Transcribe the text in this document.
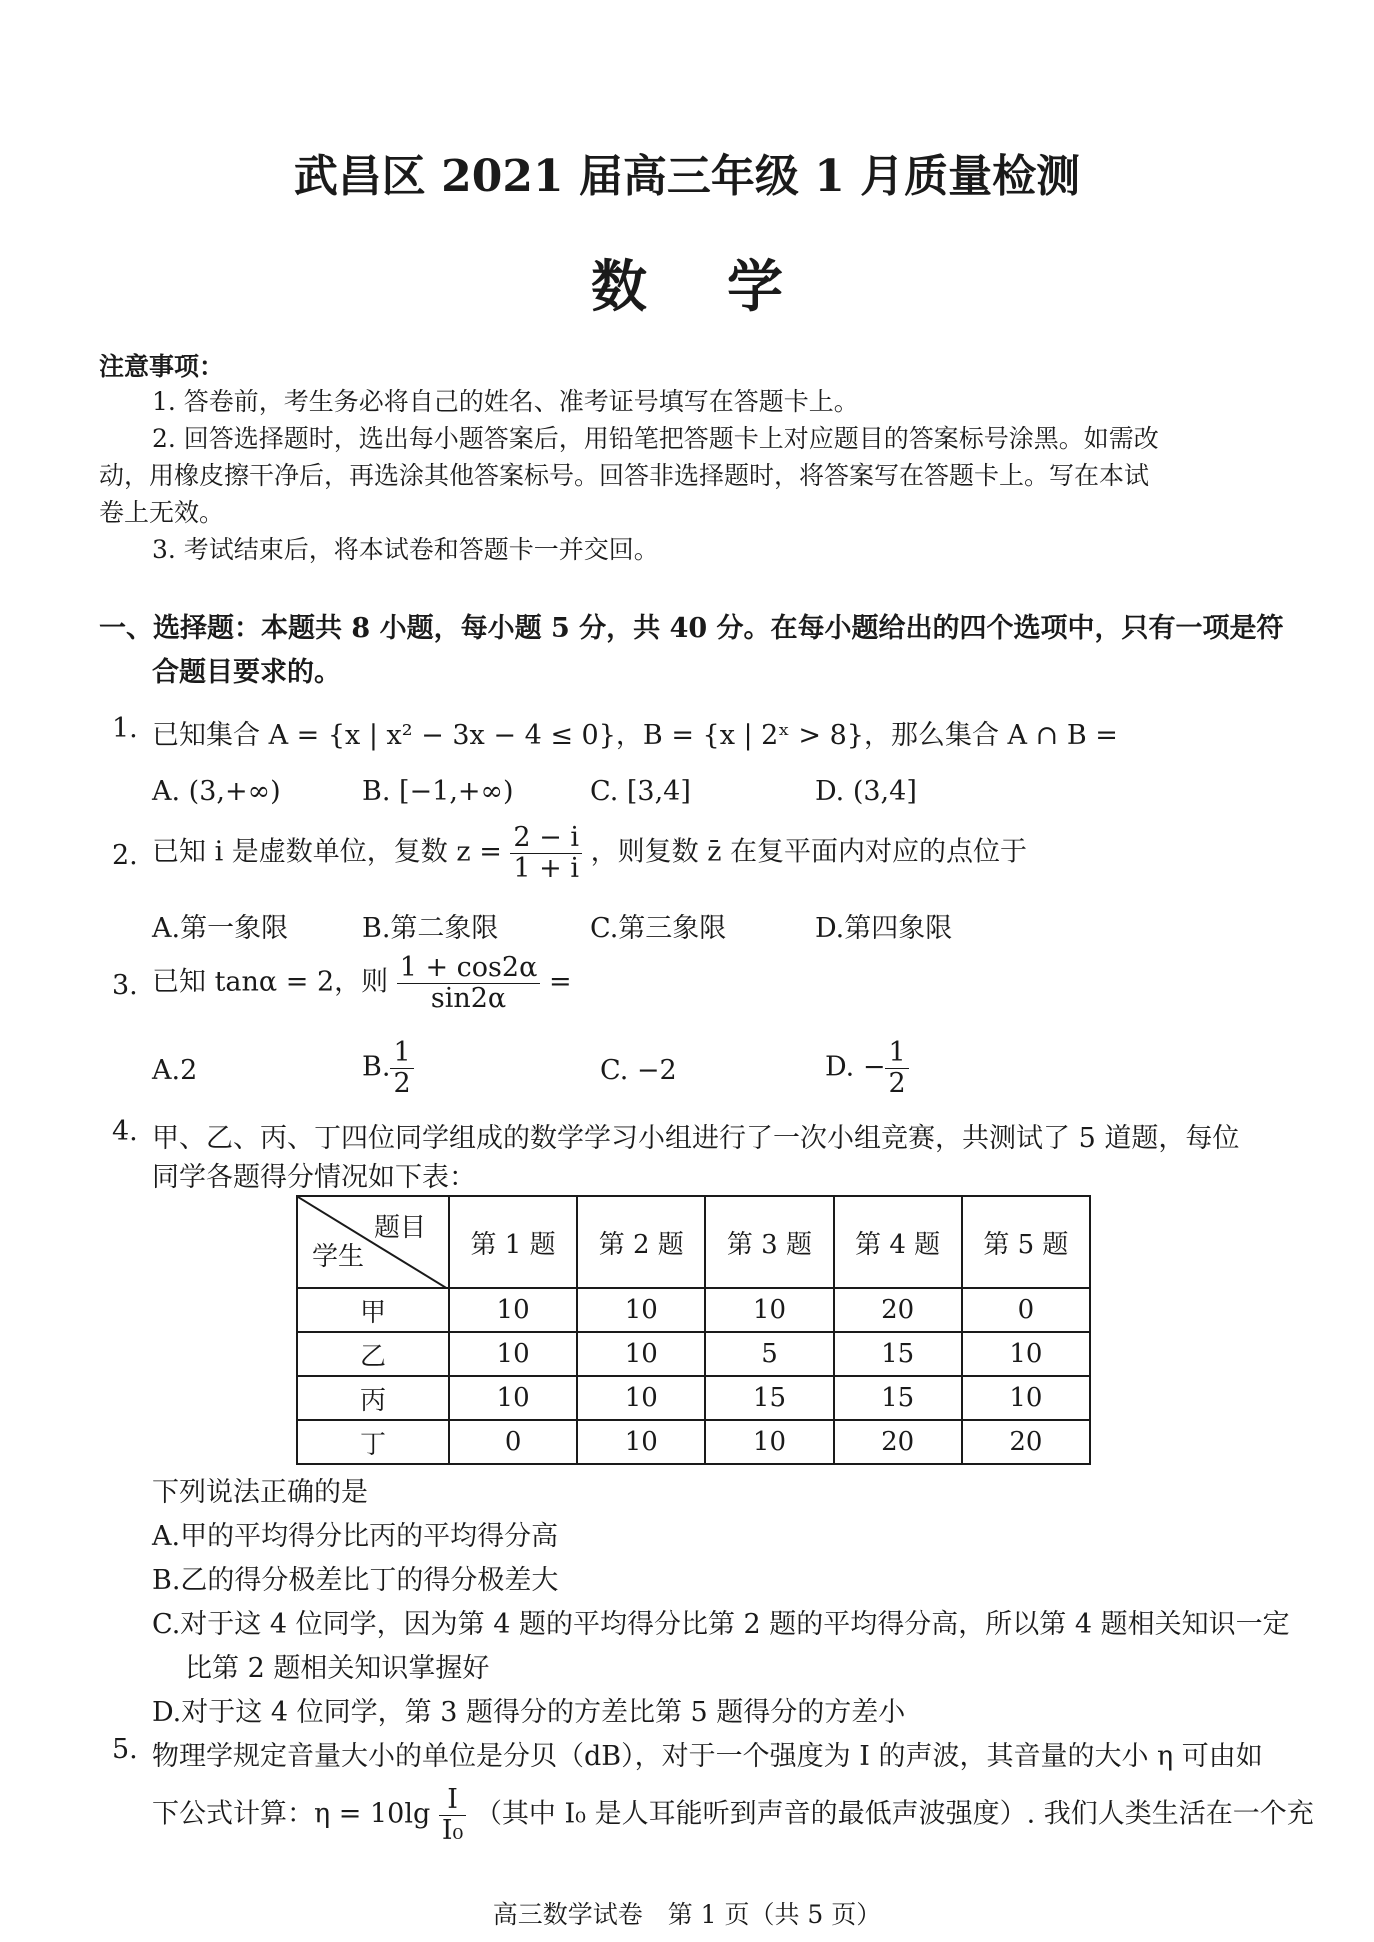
武昌区 2021 届高三年级 1 月质量检测
数学
注意事项：
1. 答卷前，考生务必将自己的姓名、准考证号填写在答题卡上。
2. 回答选择题时，选出每小题答案后，用铅笔把答题卡上对应题目的答案标号涂黑。如需改
动，用橡皮擦干净后，再选涂其他答案标号。回答非选择题时，将答案写在答题卡上。写在本试
卷上无效。
3. 考试结束后，将本试卷和答题卡一并交回。
一、选择题：本题共 8 小题，每小题 5 分，共 40 分。在每小题给出的四个选项中，只有一项是符
合题目要求的。
1. 已知集合 A = {x | x² − 3x − 4 ≤ 0}，B = {x | 2ˣ > 8}，那么集合 A ∩ B =
A. (3,+∞)	B. [−1,+∞)	C. [3,4]	D. (3,4]
2. 已知 i 是虚数单位，复数 $z = \frac{2 - i}{1 + i}$ ，则复数 z̄ 在复平面内对应的点位于
A.第一象限	B.第二象限	C.第三象限	D.第四象限
3. 已知 tanα = 2，则 $\frac{1 + \cos 2\alpha}{\sin 2\alpha}$ =
A.2	B. $\frac{1}{2}$	C. −2	D. − $\frac{1}{2}$
4. 甲、乙、丙、丁四位同学组成的数学学习小组进行了一次小组竞赛，共测试了 5 道题，每位
同学各题得分情况如下表：
题目
学生	第 1 题	第 2 题	第 3 题	第 4 题	第 5 题
甲	10	10	10	20	0
乙	10	10	5	15	10
丙	10	10	15	15	10
丁	0	10	10	20	20
下列说法正确的是
A.甲的平均得分比丙的平均得分高
B.乙的得分极差比丁的得分极差大
C.对于这 4 位同学，因为第 4 题的平均得分比第 2 题的平均得分高，所以第 4 题相关知识一定
比第 2 题相关知识掌握好
D.对于这 4 位同学，第 3 题得分的方差比第 5 题得分的方差小
5. 物理学规定音量大小的单位是分贝（dB），对于一个强度为 I 的声波，其音量的大小 η 可由如
下公式计算：$\eta = 10\lg \frac{I}{\text{I₀}}$ （其中 I₀ 是人耳能听到声音的最低声波强度）. 我们人类生活在一个充
高三数学试卷　第 1 页（共 5 页）
